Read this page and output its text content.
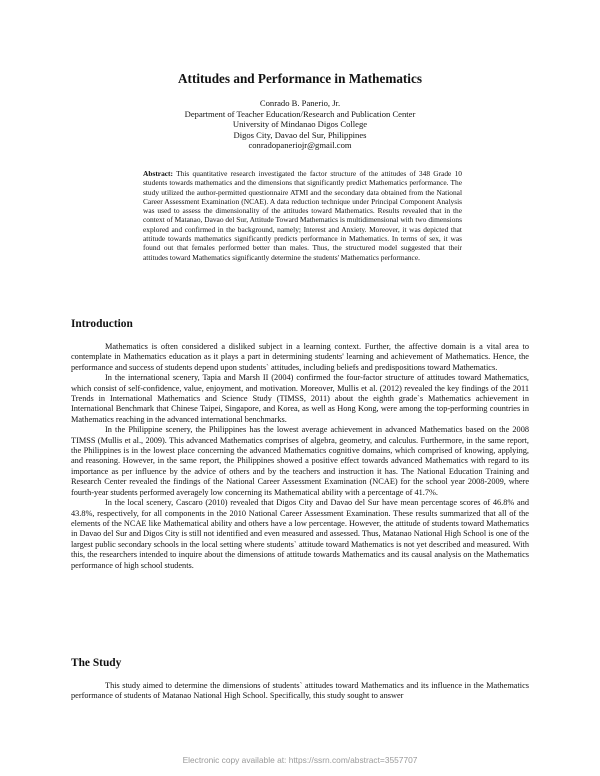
Attitudes and Performance in Mathematics
Conrado B. Panerio, Jr.
Department of Teacher Education/Research and Publication Center
University of Mindanao Digos College
Digos City, Davao del Sur, Philippines
conradopaneriojr@gmail.com
Abstract: This quantitative research investigated the factor structure of the attitudes of 348 Grade 10 students towards mathematics and the dimensions that significantly predict Mathematics performance. The study utilized the author-permitted questionnaire ATMI and the secondary data obtained from the National Career Assessment Examination (NCAE). A data reduction technique under Principal Component Analysis was used to assess the dimensionality of the attitudes toward Mathematics. Results revealed that in the context of Matanao, Davao del Sur, Attitude Toward Mathematics is multidimensional with two dimensions explored and confirmed in the background, namely; Interest and Anxiety. Moreover, it was depicted that attitude towards mathematics significantly predicts performance in Mathematics. In terms of sex, it was found out that females performed better than males. Thus, the structured model suggested that their attitudes toward Mathematics significantly determine the students' Mathematics performance.
Introduction

Mathematics is often considered a disliked subject in a learning context. Further, the affective domain is a vital area to contemplate in Mathematics education as it plays a part in determining students' learning and achievement of Mathematics. Hence, the performance and success of students depend upon students` attitudes, including beliefs and predispositions toward Mathematics.

In the international scenery, Tapia and Marsh II (2004) confirmed the four-factor structure of attitudes toward Mathematics, which consist of self-confidence, value, enjoyment, and motivation. Moreover, Mullis et al. (2012) revealed the key findings of the 2011 Trends in International Mathematics and Science Study (TIMSS, 2011) about the eighth grade`s Mathematics achievement in International Benchmark that Chinese Taipei, Singapore, and Korea, as well as Hong Kong, were among the top-performing countries in Mathematics reaching in the advanced international benchmarks.

In the Philippine scenery, the Philippines has the lowest average achievement in advanced Mathematics based on the 2008 TIMSS (Mullis et al., 2009). This advanced Mathematics comprises of algebra, geometry, and calculus. Furthermore, in the same report, the Philippines is in the lowest place concerning the advanced Mathematics cognitive domains, which comprised of knowing, applying, and reasoning. However, in the same report, the Philippines showed a positive effect towards advanced Mathematics with regard to its importance as per influence by the advice of others and by the teachers and instruction it has. The National Education Training and Research Center revealed the findings of the National Career Assessment Examination (NCAE) for the school year 2008-2009, where fourth-year students performed averagely low concerning its Mathematical ability with a percentage of 41.7%.

In the local scenery, Cascaro (2010) revealed that Digos City and Davao del Sur have mean percentage scores of 46.8% and 43.8%, respectively, for all components in the 2010 National Career Assessment Examination. These results summarized that all of the elements of the NCAE like Mathematical ability and others have a low percentage. However, the attitude of students toward Mathematics in Davao del Sur and Digos City is still not identified and even measured and assessed. Thus, Matanao National High School is one of the largest public secondary schools in the local setting where students` attitude toward Mathematics is not yet described and measured. With this, the researchers intended to inquire about the dimensions of attitude towards Mathematics and its causal analysis on the Mathematics performance of high school students.

The Study

This study aimed to determine the dimensions of students` attitudes toward Mathematics and its influence in the Mathematics performance of students of Matanao National High School. Specifically, this study sought to answer

Electronic copy available at: https://ssrn.com/abstract=3557707
